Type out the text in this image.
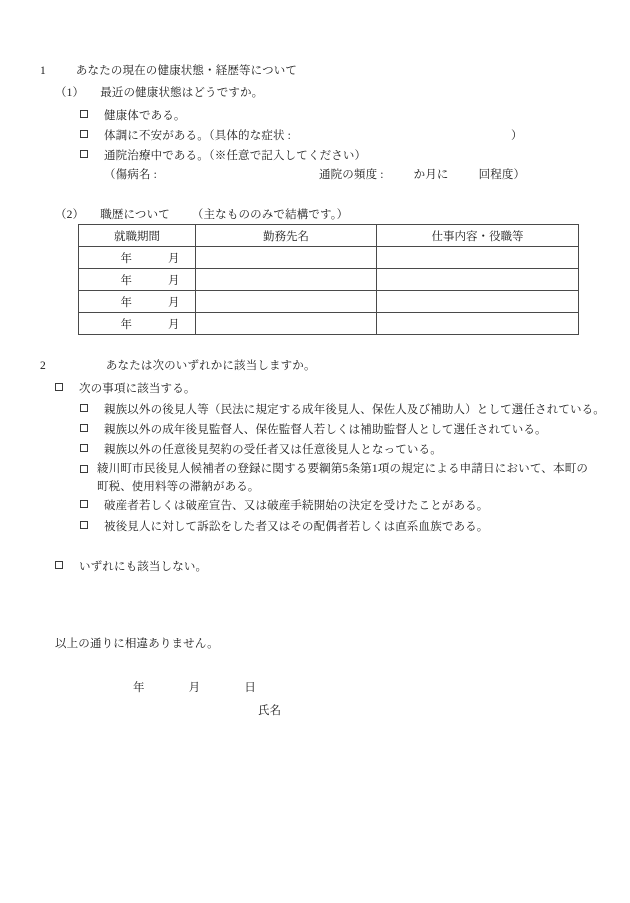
1	あなたの現在の健康状態・経歴等について
（1） 最近の健康状態はどうですか。
健康体である。
体調に不安がある。（具体的な症状 :	）
通院治療中である。（※任意で記入してください）
（傷病名 :	通院の頻度 :	か月に	回程度）
（2） 職歴について （主なもののみで結構です。）
就職期間	勤務先名	仕事内容・役職等
年 月		
年 月		
年 月		
年 月		
2	あなたは次のいずれかに該当しますか。
次の事項に該当する。
親族以外の後見人等（民法に規定する成年後見人、保佐人及び補助人）として選任されている。
親族以外の成年後見監督人、保佐監督人若しくは補助監督人として選任されている。
親族以外の任意後見契約の受任者又は任意後見人となっている。
綾川町市民後見人候補者の登録に関する要綱第5条第1項の規定による申請日において、本町の町税、使用料等の滞納がある。
破産者若しくは破産宣告、又は破産手続開始の決定を受けたことがある。
被後見人に対して訴訟をした者又はその配偶者若しくは直系血族である。
いずれにも該当しない。
以上の通りに相違ありません。
年	月	日
氏名
